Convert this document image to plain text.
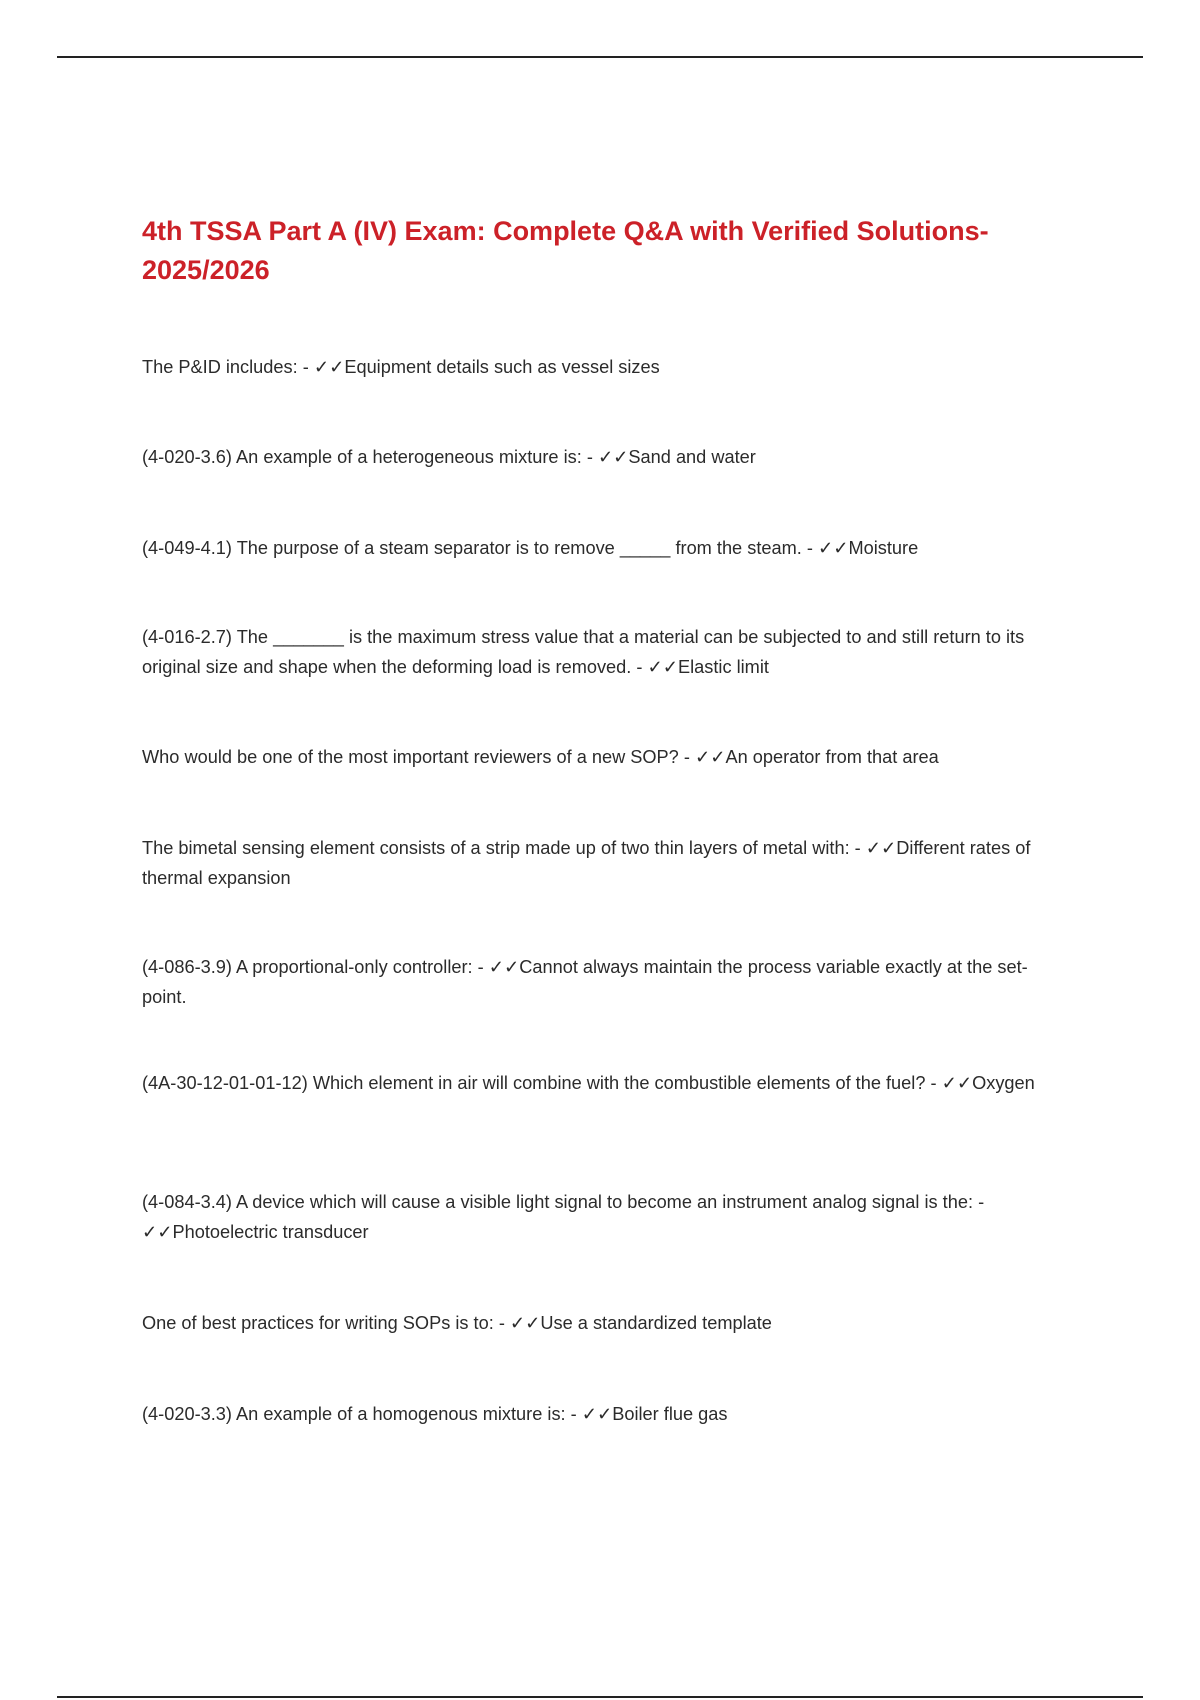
4th TSSA Part A (IV) Exam: Complete Q&A with Verified Solutions-2025/2026

The P&ID includes: - ✓✓Equipment details such as vessel sizes

(4-020-3.6) An example of a heterogeneous mixture is: - ✓✓Sand and water

(4-049-4.1) The purpose of a steam separator is to remove _____ from the steam. - ✓✓Moisture

(4-016-2.7) The _______ is the maximum stress value that a material can be subjected to and still return to its original size and shape when the deforming load is removed. - ✓✓Elastic limit

Who would be one of the most important reviewers of a new SOP? - ✓✓An operator from that area

The bimetal sensing element consists of a strip made up of two thin layers of metal with: - ✓✓Different rates of thermal expansion

(4-086-3.9) A proportional-only controller: - ✓✓Cannot always maintain the process variable exactly at the set-point.

(4A-30-12-01-01-12) Which element in air will combine with the combustible elements of the fuel? - ✓✓Oxygen

(4-084-3.4) A device which will cause a visible light signal to become an instrument analog signal is the: - ✓✓Photoelectric transducer

One of best practices for writing SOPs is to: - ✓✓Use a standardized template

(4-020-3.3) An example of a homogenous mixture is: - ✓✓Boiler flue gas
